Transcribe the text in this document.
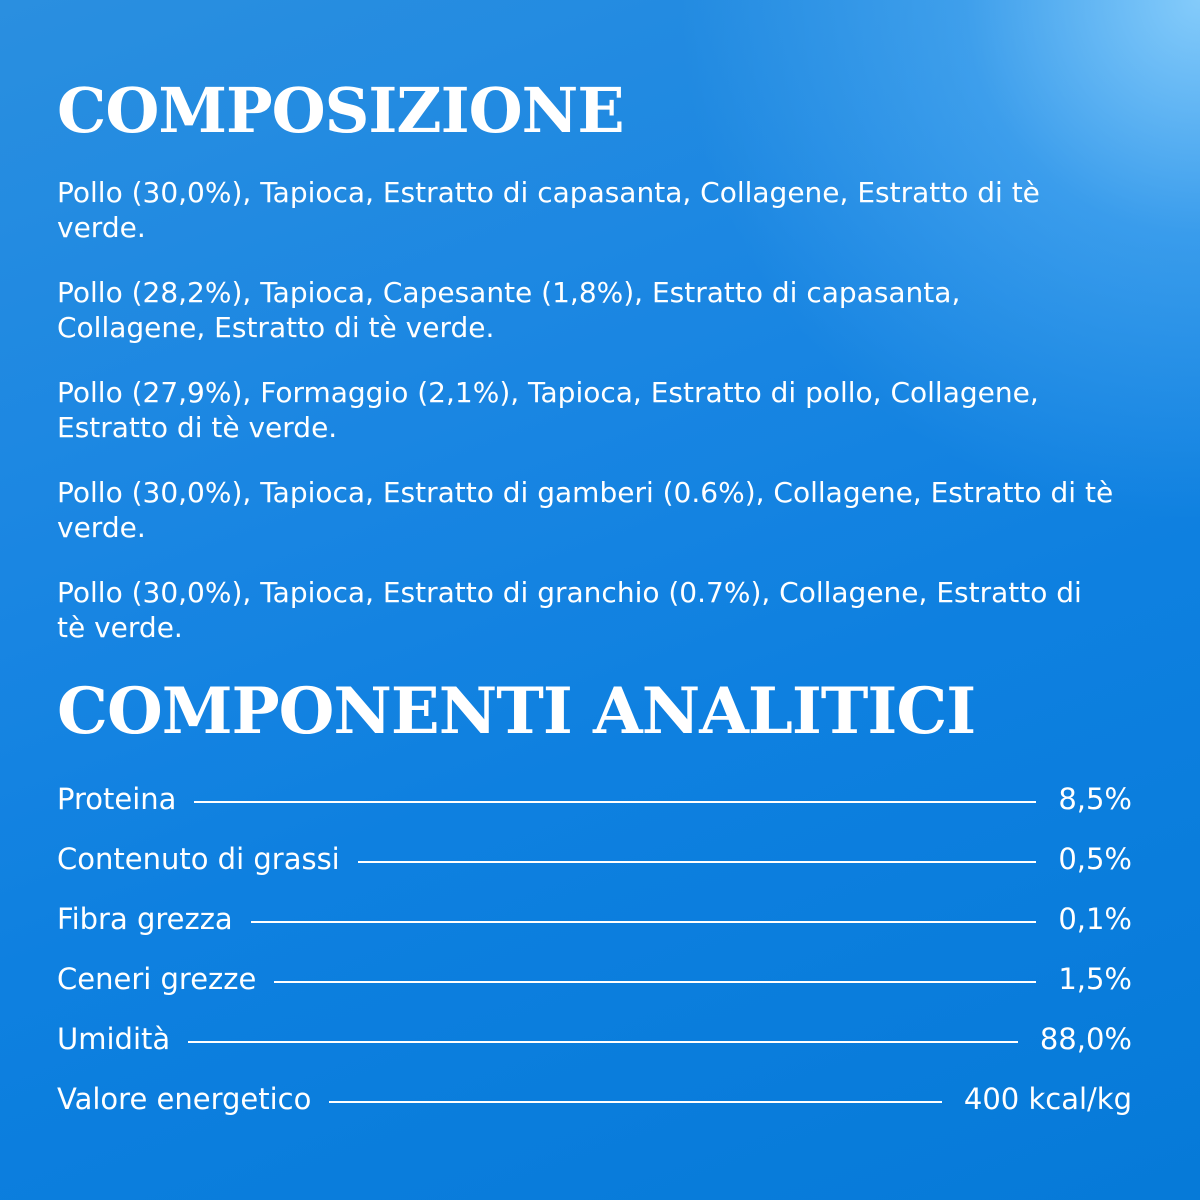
COMPOSIZIONE

Pollo (30,0%), Tapioca, Estratto di capasanta, Collagene, Estratto di tè verde.

Pollo (28,2%), Tapioca, Capesante (1,8%), Estratto di capasanta, Collagene, Estratto di tè verde.

Pollo (27,9%), Formaggio (2,1%), Tapioca, Estratto di pollo, Collagene, Estratto di tè verde.

Pollo (30,0%), Tapioca, Estratto di gamberi (0.6%), Collagene, Estratto di tè verde.

Pollo (30,0%), Tapioca, Estratto di granchio (0.7%), Collagene, Estratto di tè verde.

COMPONENTI ANALITICI
Proteina	8,5%
Contenuto di grassi	0,5%
Fibra grezza	0,1%
Ceneri grezze	1,5%
Umidità	88,0%
Valore energetico	400 kcal/kg
